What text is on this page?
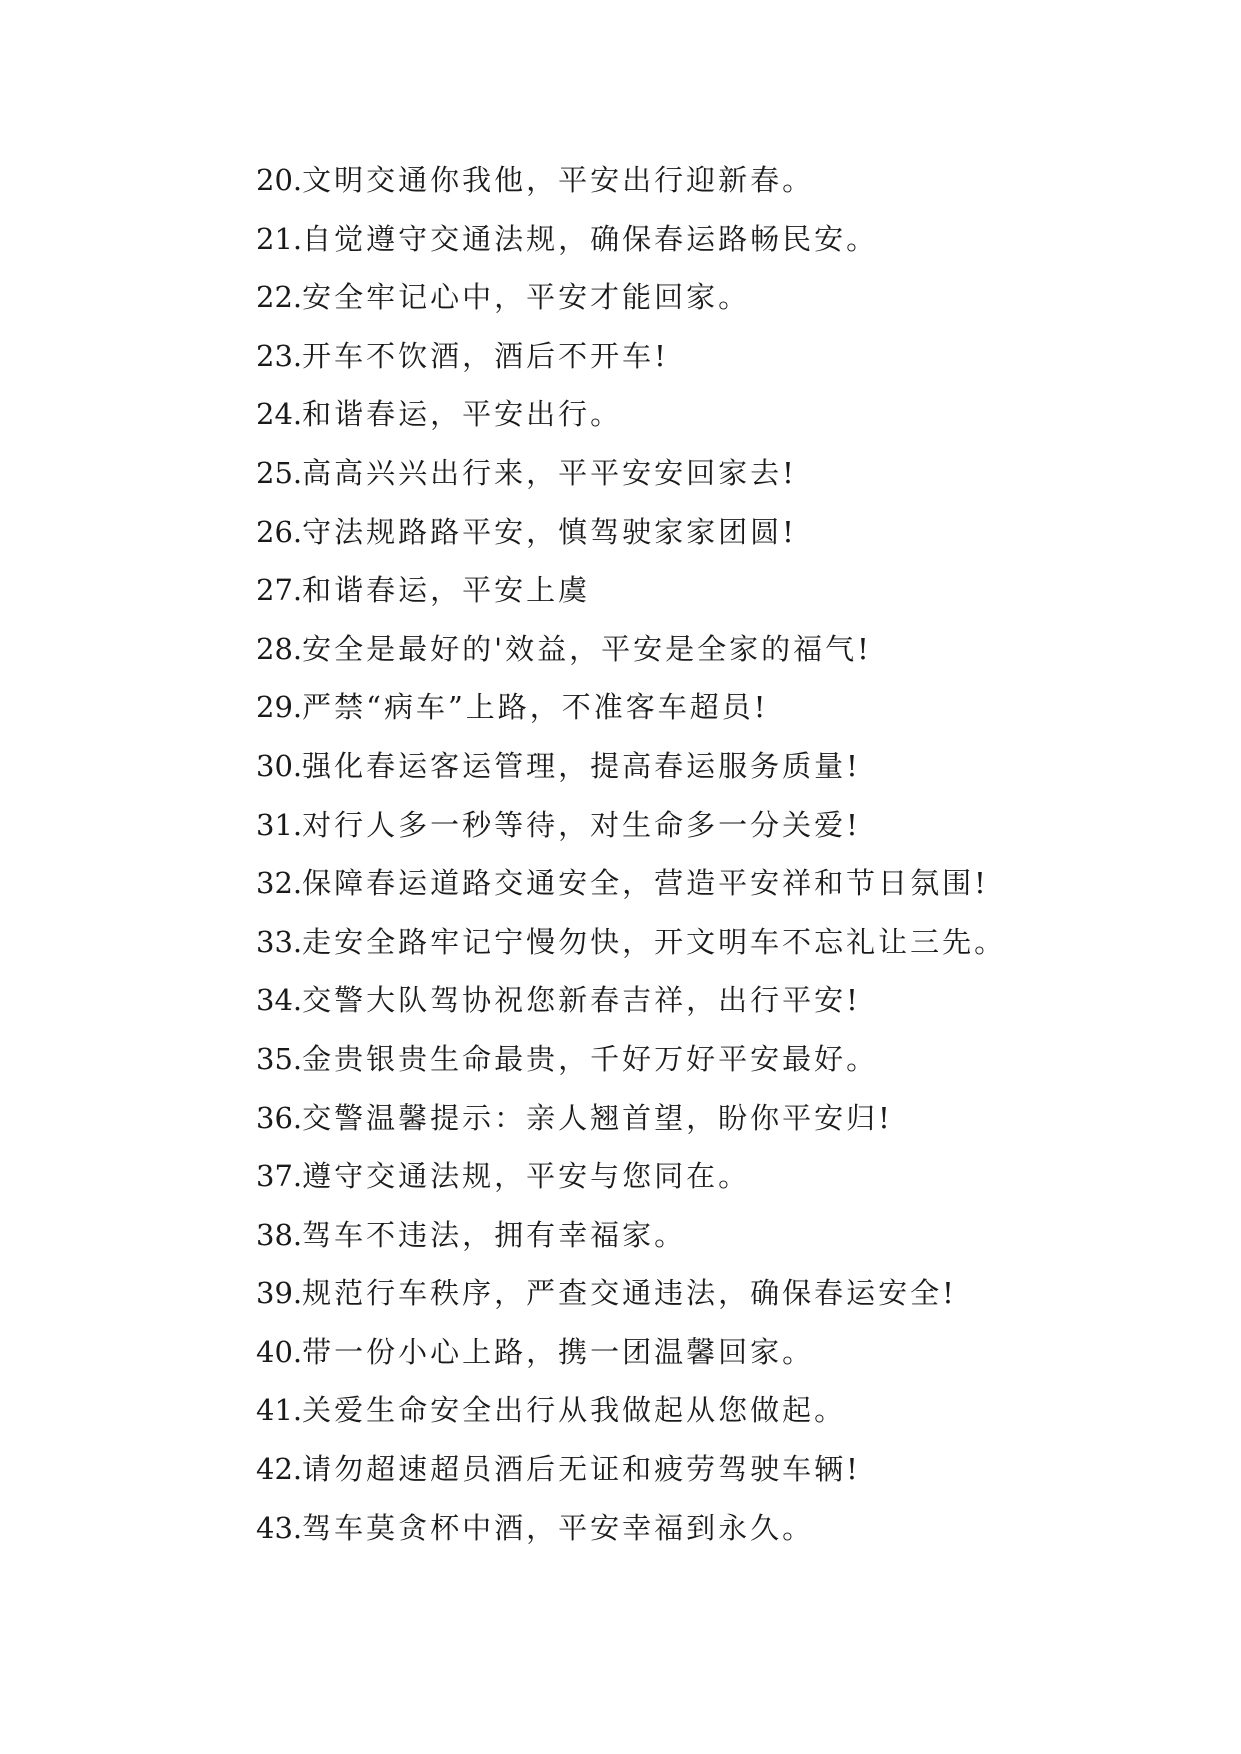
20.文明交通你我他，平安出行迎新春。
21.自觉遵守交通法规，确保春运路畅民安。
22.安全牢记心中，平安才能回家。
23.开车不饮酒，酒后不开车!
24.和谐春运，平安出行。
25.高高兴兴出行来，平平安安回家去!
26.守法规路路平安，慎驾驶家家团圆!
27.和谐春运，平安上虞
28.安全是最好的'效益，平安是全家的福气!
29.严禁“病车”上路，不准客车超员!
30.强化春运客运管理，提高春运服务质量!
31.对行人多一秒等待，对生命多一分关爱!
32.保障春运道路交通安全，营造平安祥和节日氛围!
33.走安全路牢记宁慢勿快，开文明车不忘礼让三先。
34.交警大队驾协祝您新春吉祥，出行平安!
35.金贵银贵生命最贵，千好万好平安最好。
36.交警温馨提示：亲人翘首望，盼你平安归!
37.遵守交通法规，平安与您同在。
38.驾车不违法，拥有幸福家。
39.规范行车秩序，严查交通违法，确保春运安全!
40.带一份小心上路，携一团温馨回家。
41.关爱生命安全出行从我做起从您做起。
42.请勿超速超员酒后无证和疲劳驾驶车辆!
43.驾车莫贪杯中酒，平安幸福到永久。
